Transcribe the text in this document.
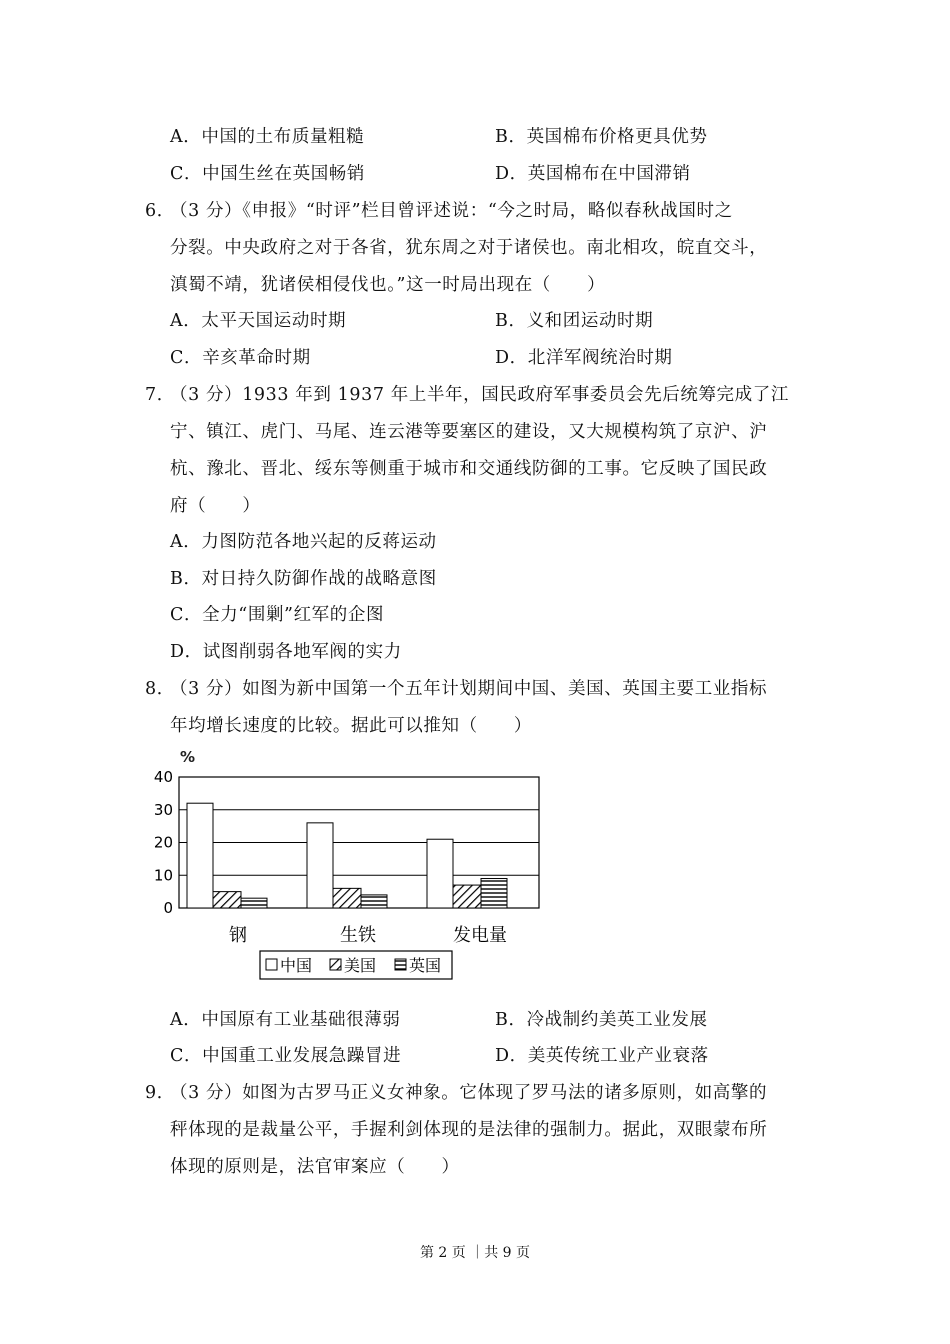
A．中国的土布质量粗糙	B．英国棉布价格更具优势
C．中国生丝在英国畅销	D．英国棉布在中国滞销
6．
（3 分）《申报》“时评”栏目曾评述说：“今之时局，略似春秋战国时之
分裂。中央政府之对于各省，犹东周之对于诸侯也。南北相攻，皖直交斗，
滇蜀不靖，犹诸侯相侵伐也。”这一时局出现在（　　）
A．太平天国运动时期	B．义和团运动时期
C．辛亥革命时期	D．北洋军阀统治时期
7．
（3 分）1933 年到 1937 年上半年，国民政府军事委员会先后统筹完成了江
宁、镇江、虎门、马尾、连云港等要塞区的建设，又大规模构筑了京沪、沪
杭、豫北、晋北、绥东等侧重于城市和交通线防御的工事。它反映了国民政
府（　　）
A．力图防范各地兴起的反蒋运动
B．对日持久防御作战的战略意图
C．全力“围剿”红军的企图
D．试图削弱各地军阀的实力
8．
（3 分）如图为新中国第一个五年计划期间中国、美国、英国主要工业指标
年均增长速度的比较。据此可以推知（　　）
%
40
30
20
10
0
钢	生铁	发电量
中国 美国 英国
A．中国原有工业基础很薄弱	B．冷战制约美英工业发展
C．中国重工业发展急躁冒进	D．美英传统工业产业衰落
9．
（3 分）如图为古罗马正义女神象。它体现了罗马法的诸多原则，如高擎的
秤体现的是裁量公平，手握利剑体现的是法律的强制力。据此，双眼蒙布所
体现的原则是，法官审案应（　　）
第 2 页 ｜共 9 页
